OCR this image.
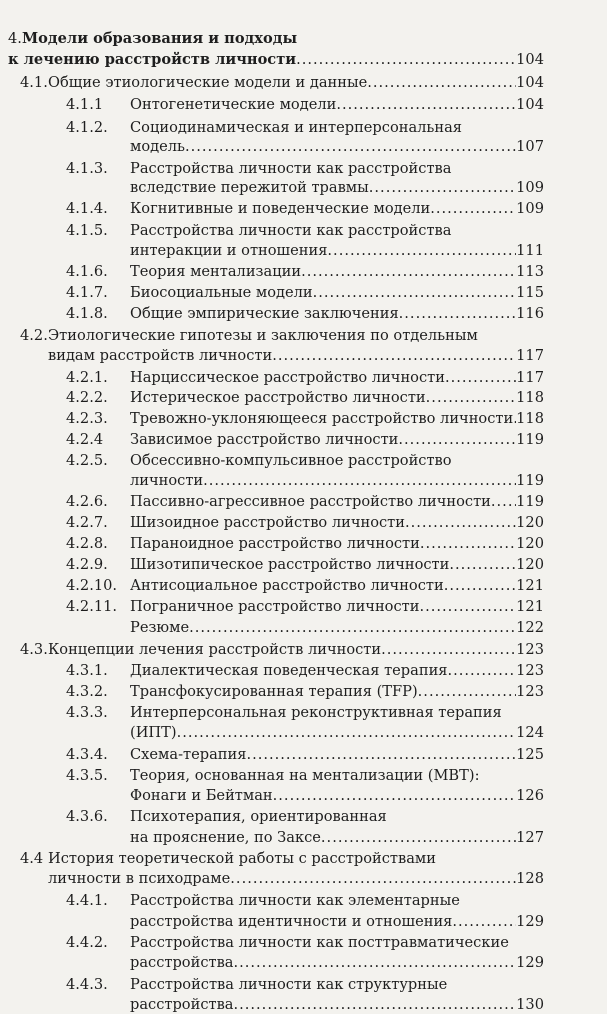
4. Модели образования и подходы
к лечению расстройств личности .....	104
4.1. Общие этиологические модели и данные .....	104
4.1.1	Онтогенетические модели .....	104
4.1.2.	Социодинамическая и интерперсональная
модель .....	107
4.1.3.	Расстройства личности как расстройства
вследствие пережитой травмы .....	109
4.1.4.	Когнитивные и поведенческие модели .....	109
4.1.5.	Расстройства личности как расстройства
интеракции и отношения .....	111
4.1.6.	Теория ментализации .....	113
4.1.7.	Биосоциальные модели .....	115
4.1.8.	Общие эмпирические заключения .....	116
4.2. Этиологические гипотезы и заключения по отдельным
видам расстройств личности .....	117
4.2.1.	Нарциссическое расстройство личности .....	117
4.2.2.	Истерическое расстройство личности .....	118
4.2.3.	Тревожно-уклоняющееся расстройство личности ..... 118
4.2.4	Зависимое расстройство личности .....	119
4.2.5.	Обсессивно-компульсивное расстройство
личности .....	119
4.2.6.	Пассивно-агрессивное расстройство личности ..... 119
4.2.7.	Шизоидное расстройство личности .....	120
4.2.8.	Параноидное расстройство личности .....	120
4.2.9.	Шизотипическое расстройство личности .....	120
4.2.10. Антисоциальное расстройство личности .....	121
4.2.11. Пограничное расстройство личности .....	121
Резюме .....	122
4.3. Концепции лечения расстройств личности .....	123
4.3.1.	Диалектическая поведенческая терапия .....	123
4.3.2.	Трансфокусированная терапия (TFP) .....	123
4.3.3.	Интерперсональная реконструктивная терапия
(ИПТ) .....	124
4.3.4.	Схема-терапия .....	125
4.3.5.	Теория, основанная на ментализации (MBT):
Фонаги и Бейтман .....	126
4.3.6.	Психотерапия, ориентированная
на прояснение, по Заксе .....	127
4.4 История теоретической работы с расстройствами
личности в психодраме .....	128
4.4.1.	Расстройства личности как элементарные
расстройства идентичности и отношения .....	129
4.4.2.	Расстройства личности как посттравматические
расстройства .....	129
4.4.3.	Расстройства личности как структурные
расстройства .....	130
